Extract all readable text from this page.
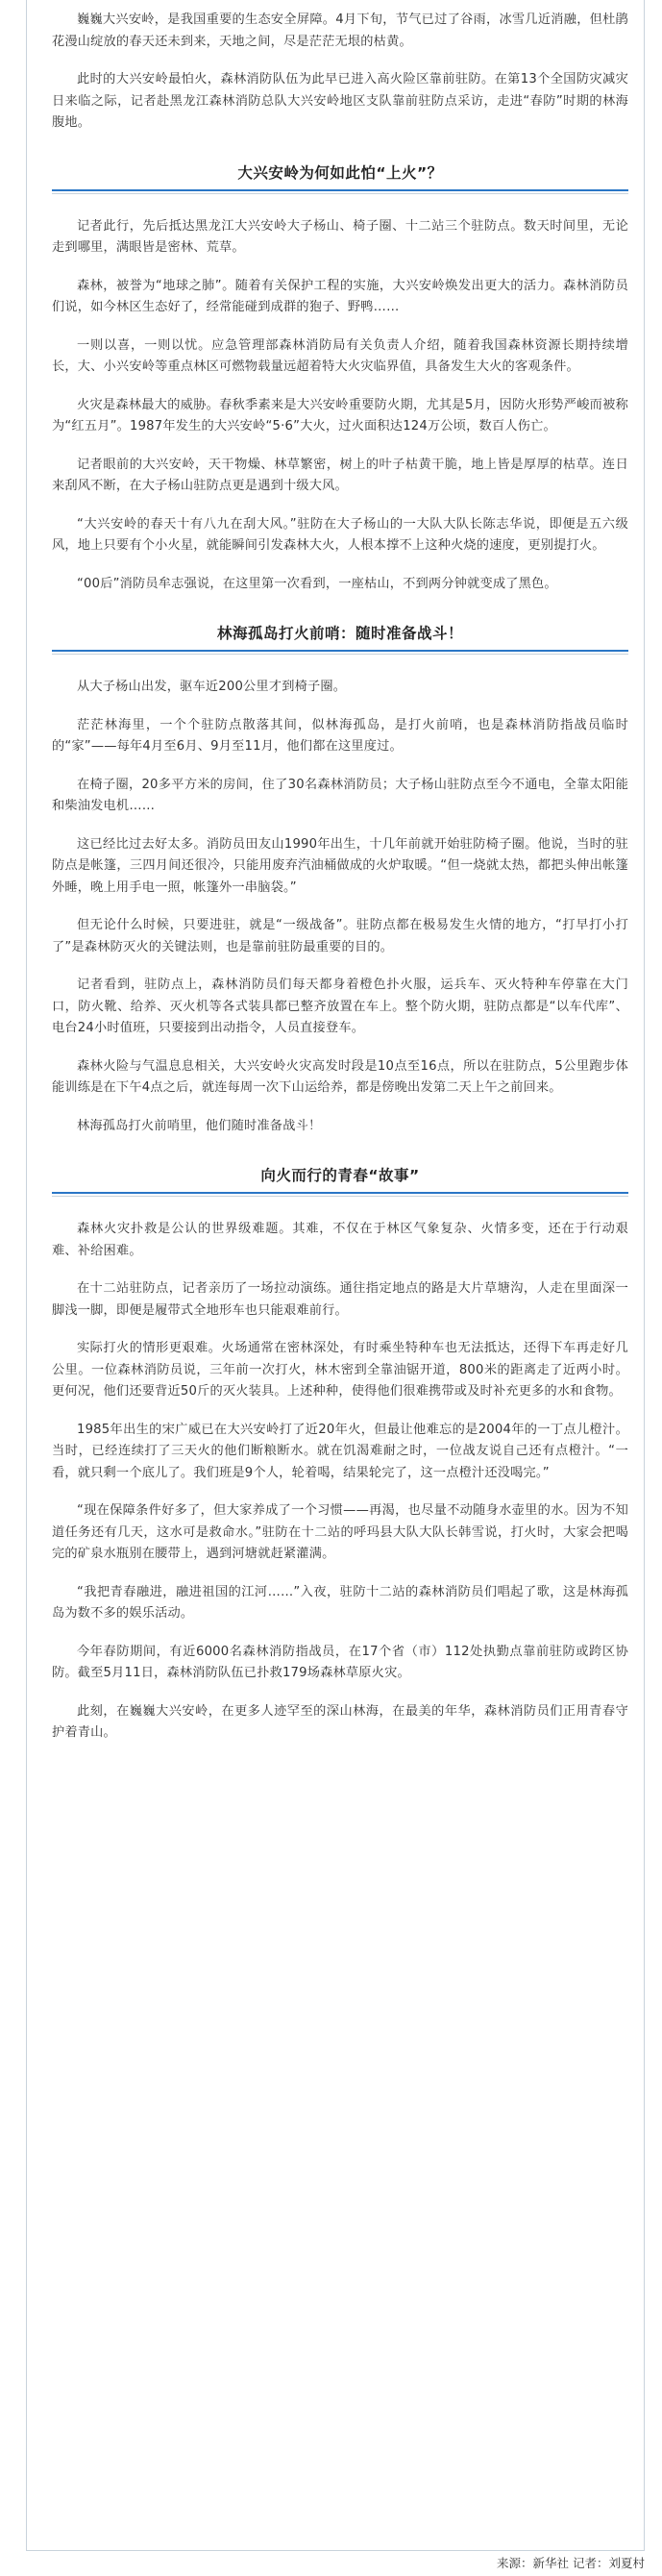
巍巍大兴安岭，是我国重要的生态安全屏障。4月下旬，节气已过了谷雨，冰雪几近消融，但杜鹃花漫山绽放的春天还未到来，天地之间，尽是茫茫无垠的枯黄。

此时的大兴安岭最怕火，森林消防队伍为此早已进入高火险区靠前驻防。在第13个全国防灾减灾日来临之际，记者赴黑龙江森林消防总队大兴安岭地区支队靠前驻防点采访，走进“春防”时期的林海腹地。

大兴安岭为何如此怕“上火”？

记者此行，先后抵达黑龙江大兴安岭大子杨山、椅子圈、十二站三个驻防点。数天时间里，无论走到哪里，满眼皆是密林、荒草。

森林，被誉为“地球之肺”。随着有关保护工程的实施，大兴安岭焕发出更大的活力。森林消防员们说，如今林区生态好了，经常能碰到成群的狍子、野鸭……

一则以喜，一则以忧。应急管理部森林消防局有关负责人介绍，随着我国森林资源长期持续增长，大、小兴安岭等重点林区可燃物载量远超着特大火灾临界值，具备发生大火的客观条件。

火灾是森林最大的威胁。春秋季素来是大兴安岭重要防火期，尤其是5月，因防火形势严峻而被称为“红五月”。1987年发生的大兴安岭“5·6”大火，过火面积达124万公顷，数百人伤亡。

记者眼前的大兴安岭，天干物燥、林草繁密，树上的叶子枯黄干脆，地上皆是厚厚的枯草。连日来刮风不断，在大子杨山驻防点更是遇到十级大风。

“大兴安岭的春天十有八九在刮大风。”驻防在大子杨山的一大队大队长陈志华说，即便是五六级风，地上只要有个小火星，就能瞬间引发森林大火，人根本撑不上这种火烧的速度，更别提打火。

“00后”消防员牟志强说，在这里第一次看到，一座枯山，不到两分钟就变成了黑色。

林海孤岛打火前哨：随时准备战斗！

从大子杨山出发，驱车近200公里才到椅子圈。

茫茫林海里，一个个驻防点散落其间，似林海孤岛，是打火前哨，也是森林消防指战员临时的“家”——每年4月至6月、9月至11月，他们都在这里度过。

在椅子圈，20多平方米的房间，住了30名森林消防员；大子杨山驻防点至今不通电，全靠太阳能和柴油发电机……

这已经比过去好太多。消防员田友山1990年出生，十几年前就开始驻防椅子圈。他说，当时的驻防点是帐篷，三四月间还很冷，只能用废弃汽油桶做成的火炉取暖。“但一烧就太热，都把头伸出帐篷外睡，晚上用手电一照，帐篷外一串脑袋。”

但无论什么时候，只要进驻，就是“一级战备”。驻防点都在极易发生火情的地方，“打早打小打了”是森林防灭火的关键法则，也是靠前驻防最重要的目的。

记者看到，驻防点上，森林消防员们每天都身着橙色扑火服，运兵车、灭火特种车停靠在大门口，防火靴、给养、灭火机等各式装具都已整齐放置在车上。整个防火期，驻防点都是“以车代库”、电台24小时值班，只要接到出动指令，人员直接登车。

森林火险与气温息息相关，大兴安岭火灾高发时段是10点至16点，所以在驻防点，5公里跑步体能训练是在下午4点之后，就连每周一次下山运给养，都是傍晚出发第二天上午之前回来。

林海孤岛打火前哨里，他们随时准备战斗！

向火而行的青春“故事”

森林火灾扑救是公认的世界级难题。其难，不仅在于林区气象复杂、火情多变，还在于行动艰难、补给困难。

在十二站驻防点，记者亲历了一场拉动演练。通往指定地点的路是大片草塘沟，人走在里面深一脚浅一脚，即便是履带式全地形车也只能艰难前行。

实际打火的情形更艰难。火场通常在密林深处，有时乘坐特种车也无法抵达，还得下车再走好几公里。一位森林消防员说，三年前一次打火，林木密到全靠油锯开道，800米的距离走了近两小时。更何况，他们还要背近50斤的灭火装具。上述种种，使得他们很难携带或及时补充更多的水和食物。

1985年出生的宋广威已在大兴安岭打了近20年火，但最让他难忘的是2004年的一丁点儿橙汁。当时，已经连续打了三天火的他们断粮断水。就在饥渴难耐之时，一位战友说自己还有点橙汁。“一看，就只剩一个底儿了。我们班是9个人，轮着喝，结果轮完了，这一点橙汁还没喝完。”

“现在保障条件好多了，但大家养成了一个习惯——再渴，也尽量不动随身水壶里的水。因为不知道任务还有几天，这水可是救命水。”驻防在十二站的呼玛县大队大队长韩雪说，打火时，大家会把喝完的矿泉水瓶别在腰带上，遇到河塘就赶紧灌满。

“我把青春融进，融进祖国的江河……”入夜，驻防十二站的森林消防员们唱起了歌，这是林海孤岛为数不多的娱乐活动。

今年春防期间，有近6000名森林消防指战员，在17个省（市）112处执勤点靠前驻防或跨区协防。截至5月11日，森林消防队伍已扑救179场森林草原火灾。

此刻，在巍巍大兴安岭，在更多人迹罕至的深山林海，在最美的年华，森林消防员们正用青春守护着青山。

来源：新华社 记者：刘夏村
